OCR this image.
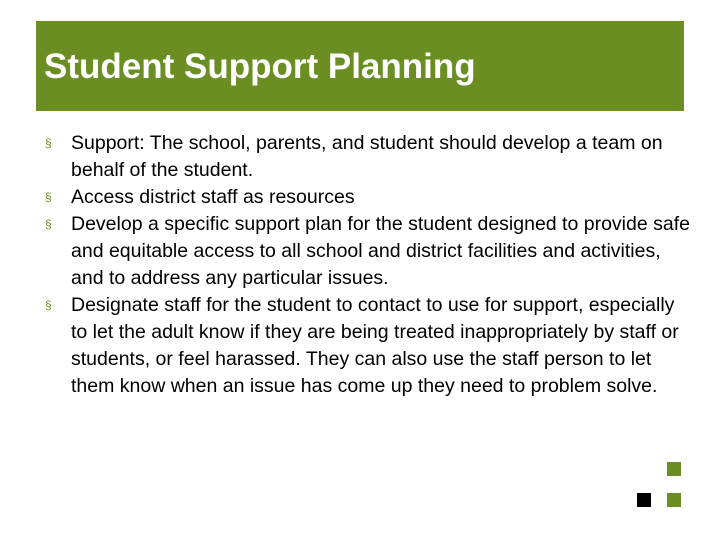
Student Support Planning
§ Support: The school, parents, and student should develop a team on behalf of the student.
§ Access district staff as resources
§ Develop a specific support plan for the student designed to provide safe and equitable access to all school and district facilities and activities, and to address any particular issues.
§ Designate staff for the student to contact to use for support, especially to let the adult know if they are being treated inappropriately by staff or students, or feel harassed. They can also use the staff person to let them know when an issue has come up they need to problem solve.
